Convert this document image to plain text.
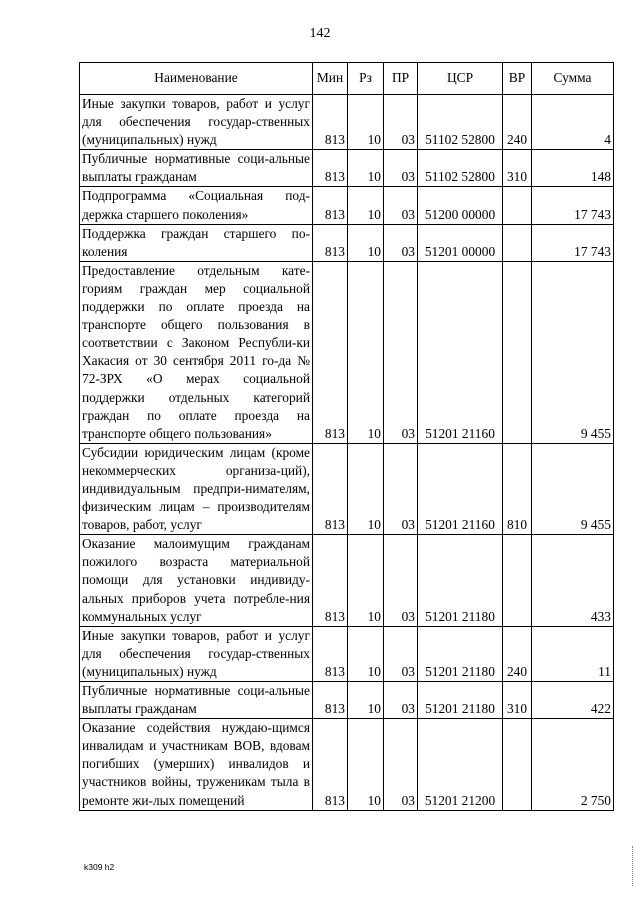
142
Наименование	Мин	Рз	ПР	ЦСР	ВР	Сумма
Иные закупки товаров, работ и услуг для обеспечения государ-ственных (муниципальных) нужд	813	10	03	51102 52800	240	4
Публичные нормативные соци-альные выплаты гражданам	813	10	03	51102 52800	310	148
Подпрограмма «Социальная под-держка старшего поколения»	813	10	03	51200 00000		17 743
Поддержка граждан старшего по-коления	813	10	03	51201 00000		17 743
Предоставление отдельным кате-гориям граждан мер социальной поддержки по оплате проезда на транспорте общего пользования в соответствии с Законом Республи-ки Хакасия от 30 сентября 2011 го-да № 72-ЗРХ «О мерах социальной поддержки отдельных категорий граждан по оплате проезда на транспорте общего пользования»	813	10	03	51201 21160		9 455
Субсидии юридическим лицам (кроме некоммерческих организа-ций), индивидуальным предпри-нимателям, физическим лицам – производителям товаров, работ, услуг	813	10	03	51201 21160	810	9 455
Оказание малоимущим гражданам пожилого возраста материальной помощи для установки индивиду-альных приборов учета потребле-ния коммунальных услуг	813	10	03	51201 21180		433
Иные закупки товаров, работ и услуг для обеспечения государ-ственных (муниципальных) нужд	813	10	03	51201 21180	240	11
Публичные нормативные соци-альные выплаты гражданам	813	10	03	51201 21180	310	422
Оказание содействия нуждаю-щимся инвалидам и участникам ВОВ, вдовам погибших (умерших) инвалидов и участников войны, труженикам тыла в ремонте жи-лых помещений	813	10	03	51201 21200		2 750
k309 h2
